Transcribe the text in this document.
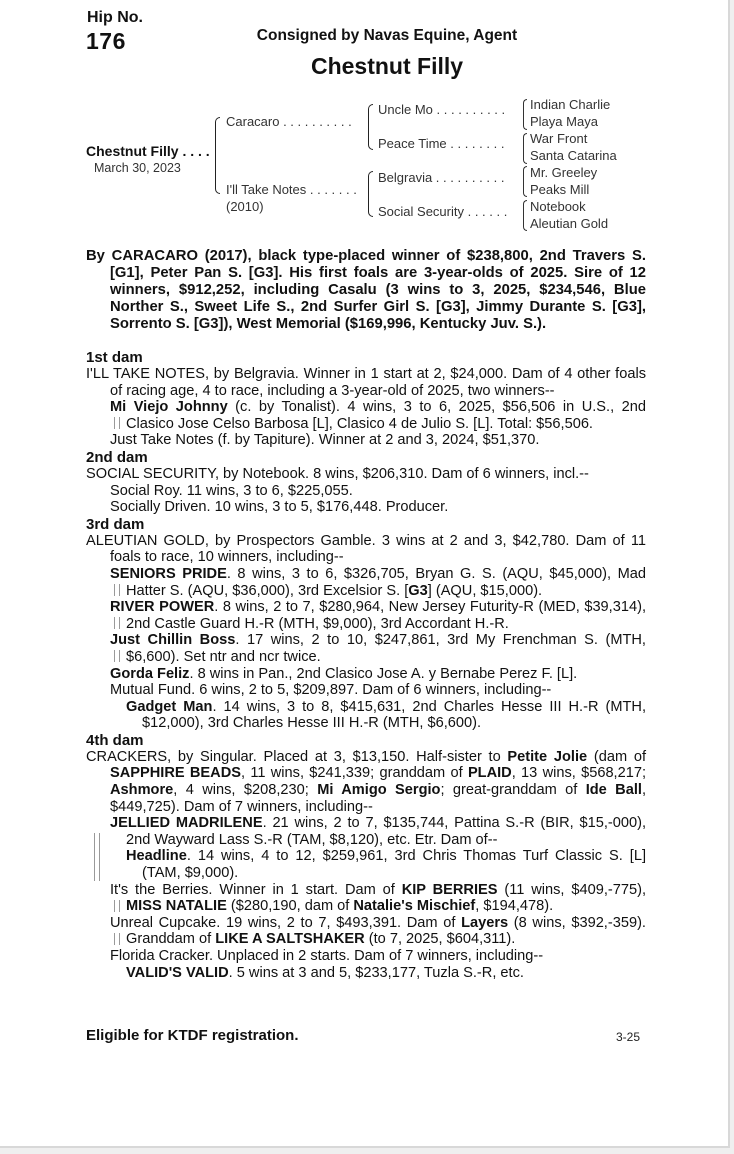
Hip No.
176	Consigned by Navas Equine, Agent
Chestnut Filly
Chestnut Filly . . . .
March 30, 2023
Caracaro . . . . . . . . . .
I'll Take Notes . . . . . . .
(2010)
Uncle Mo . . . . . . . . . .
Peace Time . . . . . . . .
Belgravia . . . . . . . . . .
Social Security . . . . . .
Indian Charlie
Playa Maya
War Front
Santa Catarina
Mr. Greeley
Peaks Mill
Notebook
Aleutian Gold

By CARACARO (2017), black type-placed winner of $238,800, 2nd Travers S. [G1], Peter Pan S. [G3]. His first foals are 3-year-olds of 2025. Sire of 12 winners, $912,252, including Casalu (3 wins to 3, 2025, $234,546, Blue Norther S., Sweet Life S., 2nd Surfer Girl S. [G3], Jimmy Durante S. [G3], Sorrento S. [G3]), West Memorial ($169,996, Kentucky Juv. S.).

1st dam

I'LL TAKE NOTES, by Belgravia. Winner in 1 start at 2, $24,000. Dam of 4 other foals of racing age, 4 to race, including a 3-year-old of 2025, two winners--

Mi Viejo Johnny (c. by Tonalist). 4 wins, 3 to 6, 2025, $56,506 in U.S., 2nd Clasico Jose Celso Barbosa [L], Clasico 4 de Julio S. [L]. Total: $56,506.

Just Take Notes (f. by Tapiture). Winner at 2 and 3, 2024, $51,370.

2nd dam

SOCIAL SECURITY, by Notebook. 8 wins, $206,310. Dam of 6 winners, incl.--

Social Roy. 11 wins, 3 to 6, $225,055.

Socially Driven. 10 wins, 3 to 5, $176,448. Producer.

3rd dam

ALEUTIAN GOLD, by Prospectors Gamble. 3 wins at 2 and 3, $42,780. Dam of 11 foals to race, 10 winners, including--

SENIORS PRIDE. 8 wins, 3 to 6, $326,705, Bryan G. S. (AQU, $45,000), Mad Hatter S. (AQU, $36,000), 3rd Excelsior S. [G3] (AQU, $15,000).

RIVER POWER. 8 wins, 2 to 7, $280,964, New Jersey Futurity-R (MED, $39,314), 2nd Castle Guard H.-R (MTH, $9,000), 3rd Accordant H.-R.

Just Chillin Boss. 17 wins, 2 to 10, $247,861, 3rd My Frenchman S. (MTH, $6,600). Set ntr and ncr twice.

Gorda Feliz. 8 wins in Pan., 2nd Clasico Jose A. y Bernabe Perez F. [L].

Mutual Fund. 6 wins, 2 to 5, $209,897. Dam of 6 winners, including--

Gadget Man. 14 wins, 3 to 8, $415,631, 2nd Charles Hesse III H.-R (MTH, $12,000), 3rd Charles Hesse III H.-R (MTH, $6,600).

4th dam

CRACKERS, by Singular. Placed at 3, $13,150. Half-sister to Petite Jolie (dam of SAPPHIRE BEADS, 11 wins, $241,339; granddam of PLAID, 13 wins, $568,217; Ashmore, 4 wins, $208,230; Mi Amigo Sergio; great-granddam of Ide Ball, $449,725). Dam of 7 winners, including--

JELLIED MADRILENE. 21 wins, 2 to 7, $135,744, Pattina S.-R (BIR, $15,-000), 2nd Wayward Lass S.-R (TAM, $8,120), etc. Etr. Dam of--

Headline. 14 wins, 4 to 12, $259,961, 3rd Chris Thomas Turf Classic S. [L] (TAM, $9,000).

It's the Berries. Winner in 1 start. Dam of KIP BERRIES (11 wins, $409,-775), MISS NATALIE ($280,190, dam of Natalie's Mischief, $194,478).

Unreal Cupcake. 19 wins, 2 to 7, $493,391. Dam of Layers (8 wins, $392,-359). Granddam of LIKE A SALTSHAKER (to 7, 2025, $604,311).

Florida Cracker. Unplaced in 2 starts. Dam of 7 winners, including--

VALID'S VALID. 5 wins at 3 and 5, $233,177, Tuzla S.-R, etc.

Eligible for KTDF registration.	3-25
